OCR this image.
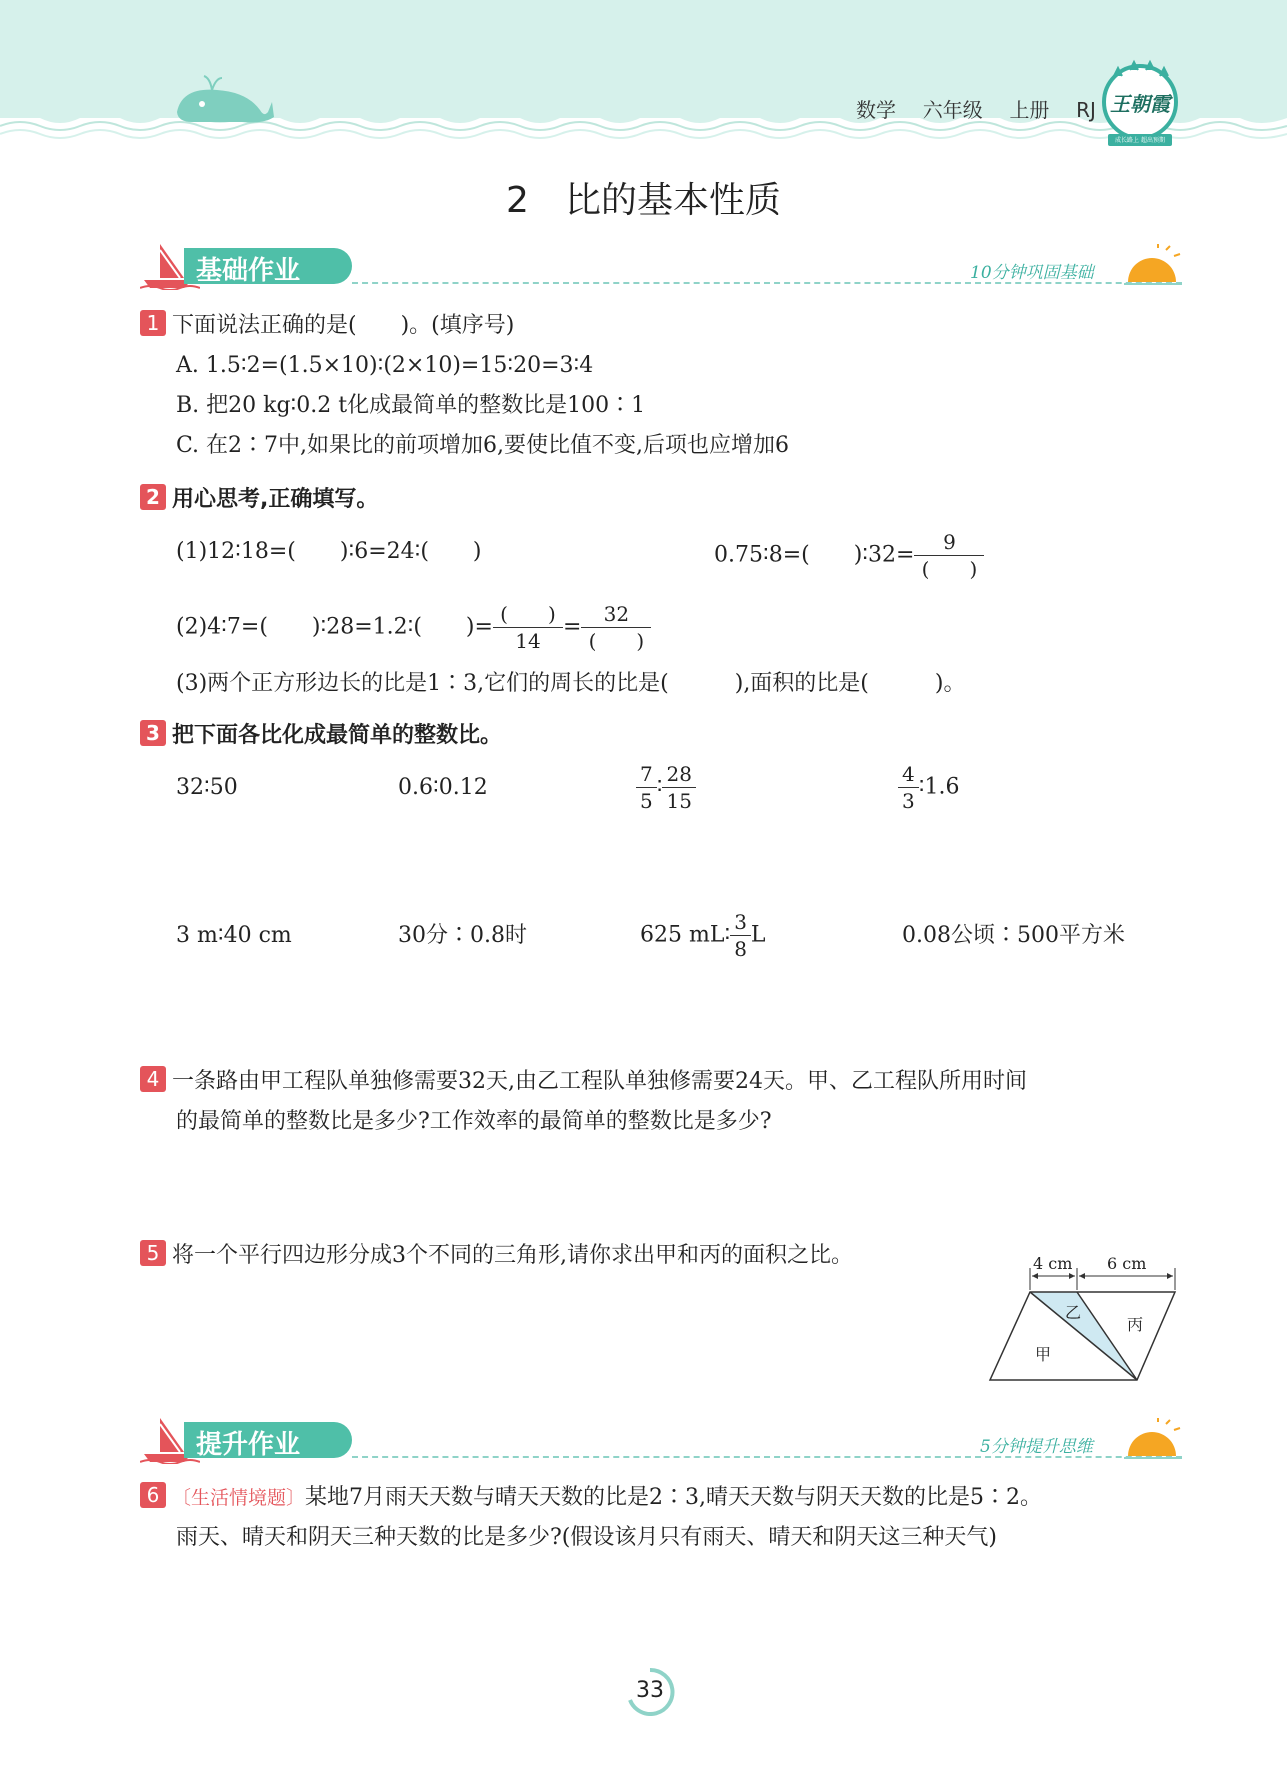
数学 六年级 上册 RJ 王朝霞
成长路上 超出预期
2　比的基本性质
基础作业	10分钟巩固基础
1 下面说法正确的是(　　)。(填序号)
A. 1.5∶2=(1.5×10)∶(2×10)=15∶20=3∶4
B. 把20 kg∶0.2 t化成最简单的整数比是100∶1
C. 在2∶7中,如果比的前项增加6,要使比值不变,后项也应增加6
2 用心思考,正确填写。
(1)12∶18=(　　)∶6=24∶(　　)	0.75∶8=(　　)∶32= $\frac{9}{( )}$
(2)4∶7=(　　)∶28=1.2∶(　　)= $\frac{( )}{14} = \frac{32}{( )}$
(3)两个正方形边长的比是1∶3,它们的周长的比是(　　　),面积的比是(　　　)。
3 把下面各比化成最简单的整数比。
32∶50	0.6∶0.12	$\frac{7}{5}$ ∶ $\frac{28}{15}$	$\frac{4}{3}$ ∶1.6
3 m∶40 cm	30分∶0.8时	625 mL∶ $\frac{3}{8}$ L	0.08公顷∶500平方米
4 一条路由甲工程队单独修需要32天,由乙工程队单独修需要24天。甲、乙工程队所用时间
的最简单的整数比是多少?工作效率的最简单的整数比是多少?
5 将一个平行四边形分成3个不同的三角形,请你求出甲和丙的面积之比。	4 cm 6 cm
乙
丙
甲
提升作业	5分钟提升思维
6 〔生活情境题〕某地7月雨天天数与晴天天数的比是2∶3,晴天天数与阴天天数的比是5∶2。
雨天、晴天和阴天三种天数的比是多少?(假设该月只有雨天、晴天和阴天这三种天气)
33
